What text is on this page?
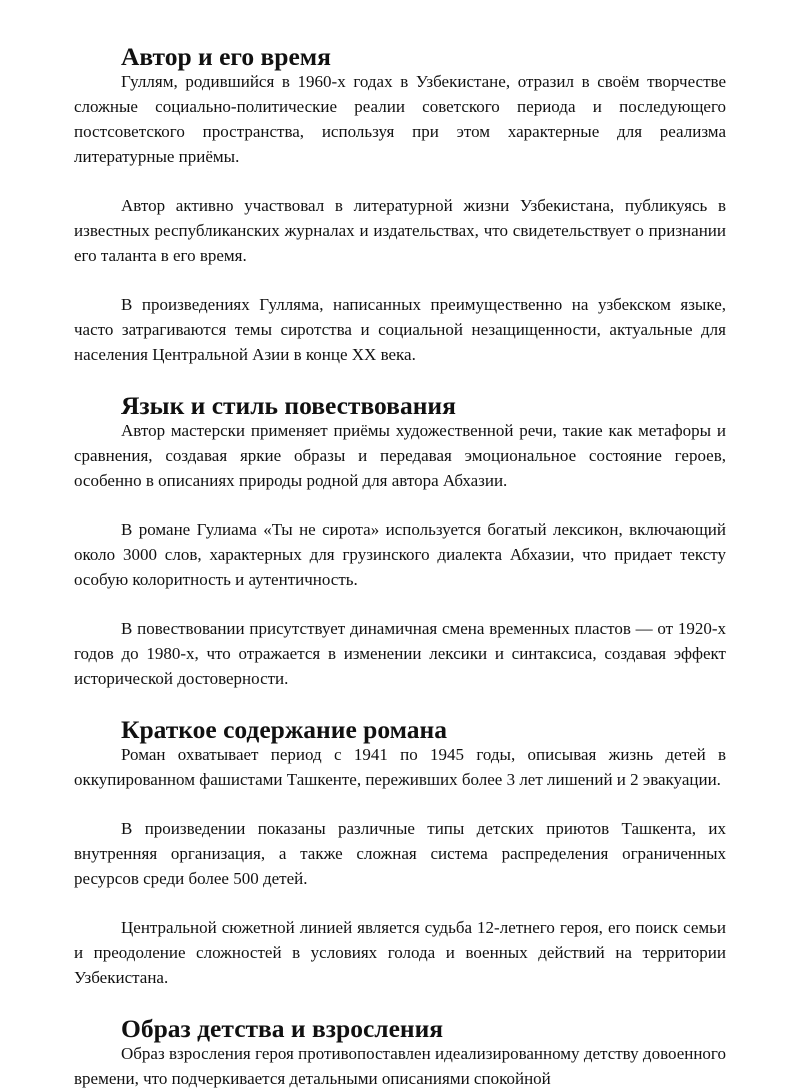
Автор и его время

Гуллям, родившийся в 1960-х годах в Узбекистане, отразил в своём творчестве сложные социально-политические реалии советского периода и последующего постсоветского пространства, используя при этом характерные для реализма литературные приёмы.

Автор активно участвовал в литературной жизни Узбекистана, публикуясь в известных республиканских журналах и издательствах, что свидетельствует о признании его таланта в его время.

В произведениях Гулляма, написанных преимущественно на узбекском языке, часто затрагиваются темы сиротства и социальной незащищенности, актуальные для населения Центральной Азии в конце XX века.

Язык и стиль повествования

Автор мастерски применяет приёмы художественной речи, такие как метафоры и сравнения, создавая яркие образы и передавая эмоциональное состояние героев, особенно в описаниях природы родной для автора Абхазии.

В романе Гулиама «Ты не сирота» используется богатый лексикон, включающий около 3000 слов, характерных для грузинского диалекта Абхазии, что придает тексту особую колоритность и аутентичность.

В повествовании присутствует динамичная смена временных пластов — от 1920-х годов до 1980-х, что отражается в изменении лексики и синтаксиса, создавая эффект исторической достоверности.

Краткое содержание романа

Роман охватывает период с 1941 по 1945 годы, описывая жизнь детей в оккупированном фашистами Ташкенте, переживших более 3 лет лишений и 2 эвакуации.

В произведении показаны различные типы детских приютов Ташкента, их внутренняя организация, а также сложная система распределения ограниченных ресурсов среди более 500 детей.

Центральной сюжетной линией является судьба 12-летнего героя, его поиск семьи и преодоление сложностей в условиях голода и военных действий на территории Узбекистана.

Образ детства и взросления

Образ взросления героя противопоставлен идеализированному детству довоенного времени, что подчеркивается детальными описаниями спокойной
